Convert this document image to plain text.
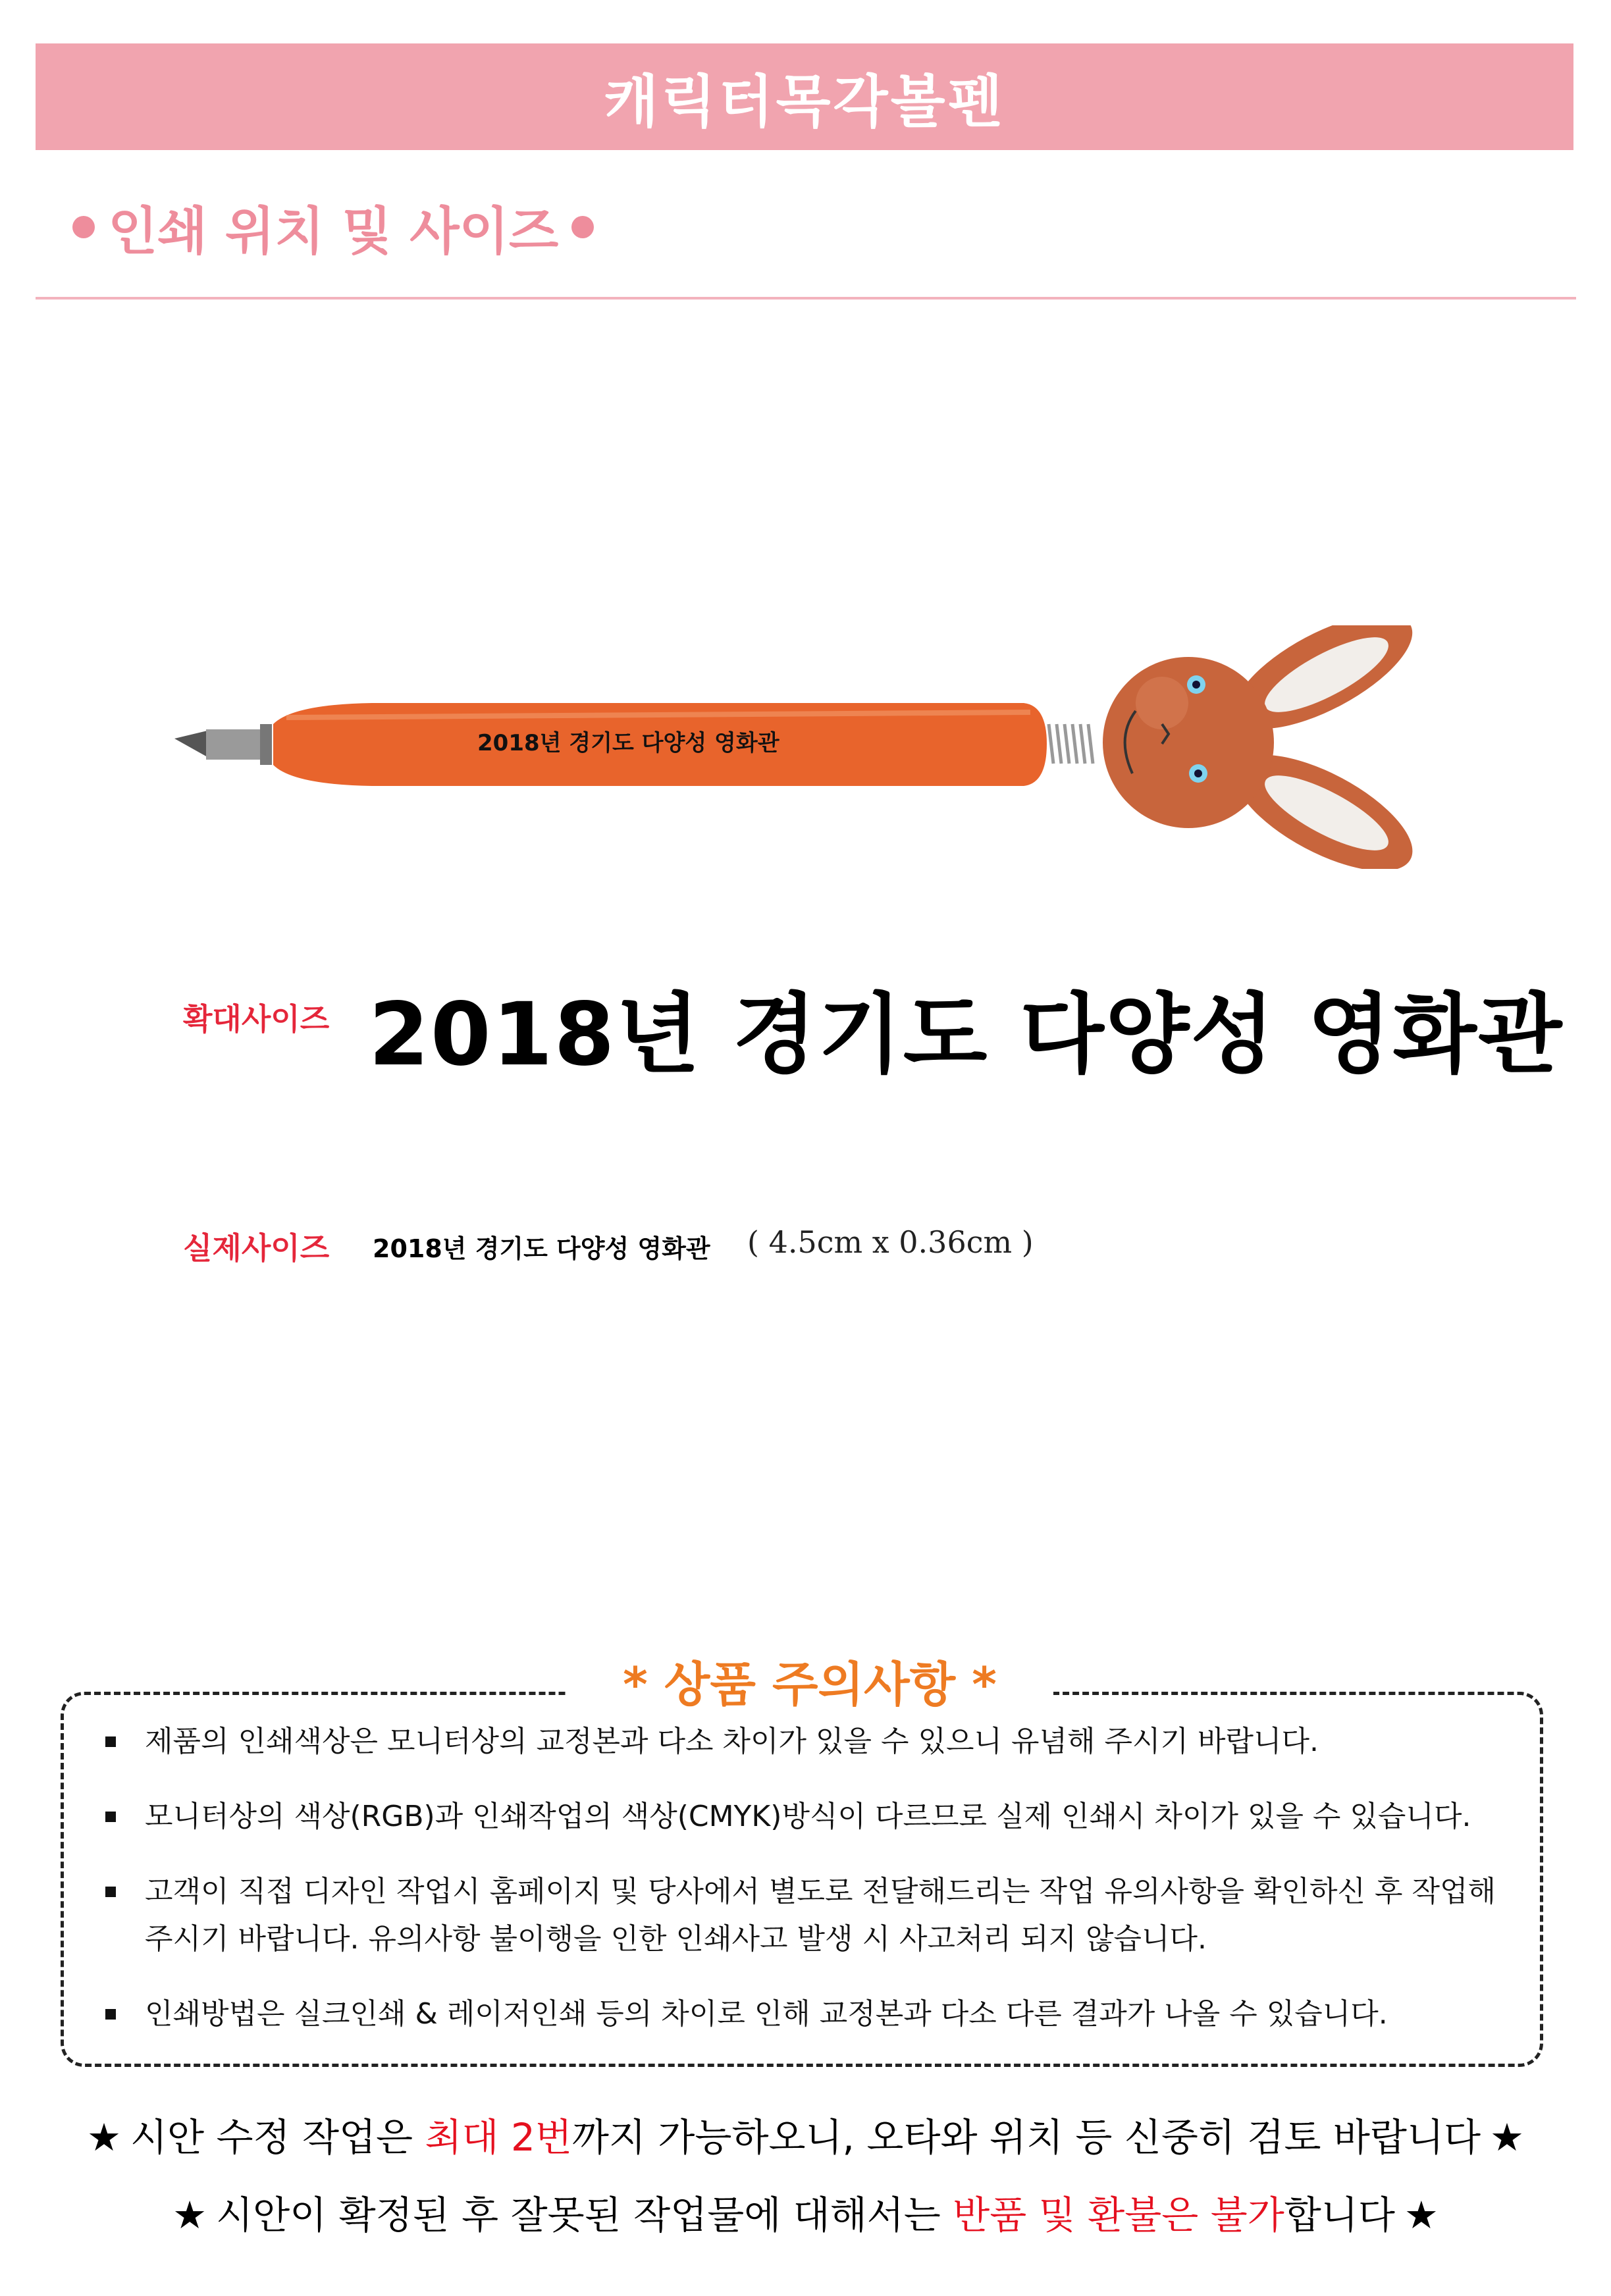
캐릭터목각볼펜
인쇄 위치 및 사이즈
2018년 경기도 다양성 영화관
확대사이즈 2018년 경기도 다양성 영화관
실제사이즈 2018년 경기도 다양성 영화관 ( 4.5cm x 0.36cm )
* 상품 주의사항 *
제품의 인쇄색상은 모니터상의 교정본과 다소 차이가 있을 수 있으니 유념해 주시기 바랍니다.
모니터상의 색상(RGB)과 인쇄작업의 색상(CMYK)방식이 다르므로 실제 인쇄시 차이가 있을 수 있습니다.
고객이 직접 디자인 작업시 홈페이지 및 당사에서 별도로 전달해드리는 작업 유의사항을 확인하신 후 작업해주시기 바랍니다. 유의사항 불이행을 인한 인쇄사고 발생 시 사고처리 되지 않습니다.
인쇄방법은 실크인쇄 & 레이저인쇄 등의 차이로 인해 교정본과 다소 다른 결과가 나올 수 있습니다.
★ 시안 수정 작업은 최대 2번까지 가능하오니, 오타와 위치 등 신중히 검토 바랍니다 ★
★ 시안이 확정된 후 잘못된 작업물에 대해서는 반품 및 환불은 불가합니다 ★
